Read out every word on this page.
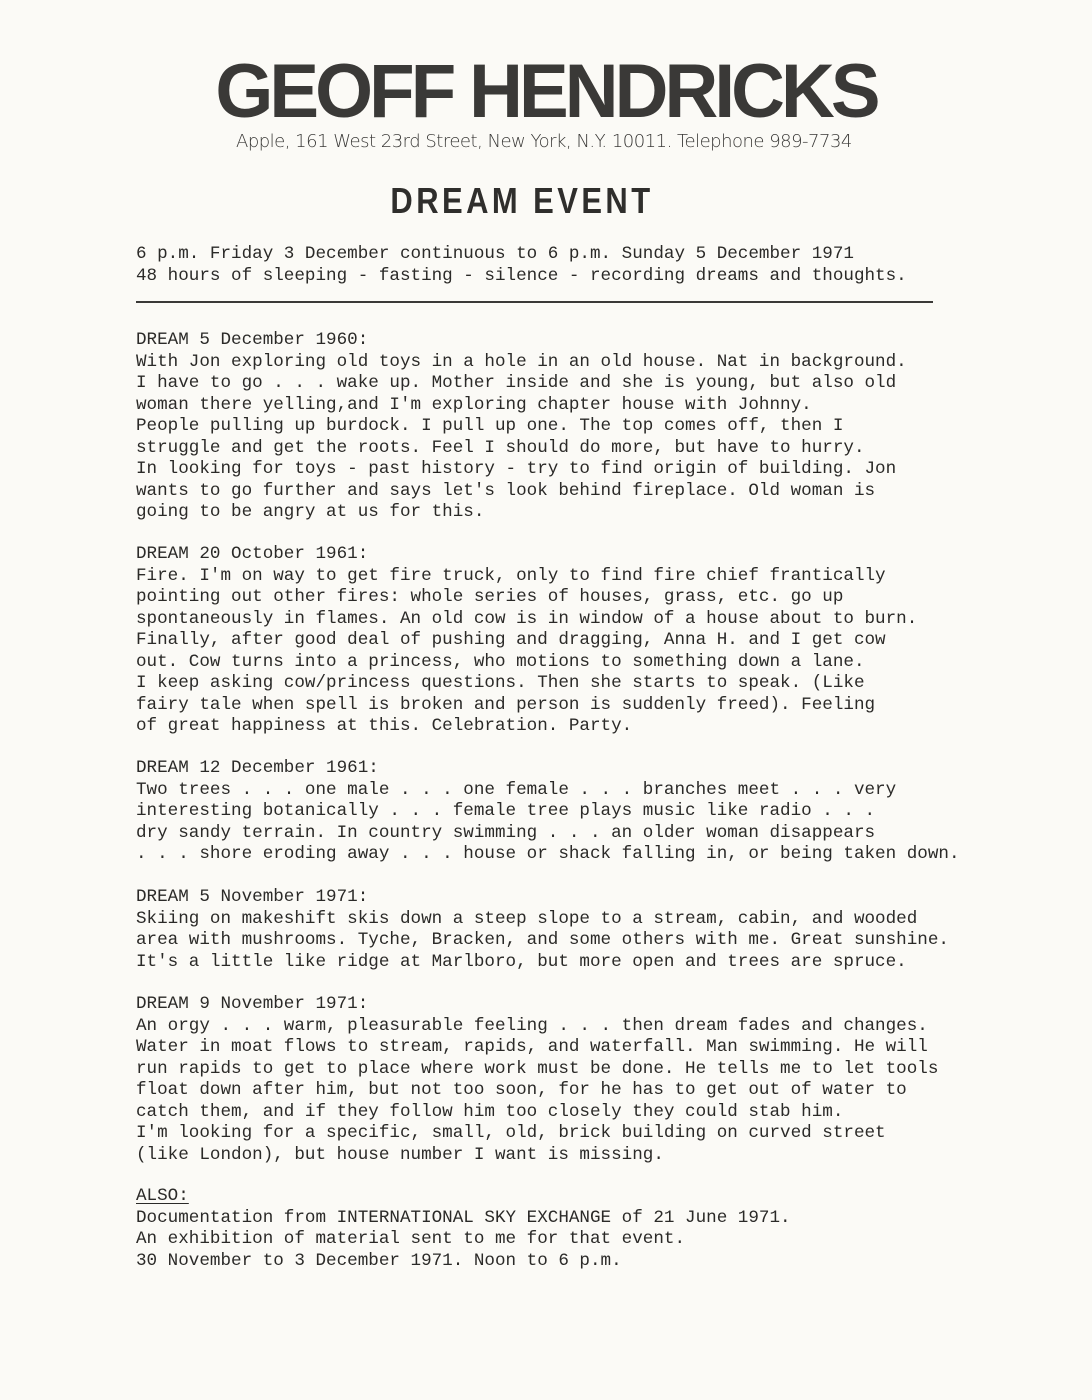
GEOFF HENDRICKS
Apple, 161 West 23rd Street, New York, N.Y. 10011. Telephone 989-7734
DREAM EVENT
6 p.m. Friday 3 December continuous to 6 p.m. Sunday 5 December 1971
48 hours of sleeping - fasting - silence - recording dreams and thoughts.
DREAM 5 December 1960:
With Jon exploring old toys in a hole in an old house. Nat in background.
I have to go . . . wake up. Mother inside and she is young, but also old
woman there yelling,and I'm exploring chapter house with Johnny.
People pulling up burdock. I pull up one. The top comes off, then I
struggle and get the roots. Feel I should do more, but have to hurry.
In looking for toys - past history - try to find origin of building. Jon
wants to go further and says let's look behind fireplace. Old woman is
going to be angry at us for this.
DREAM 20 October 1961:
Fire. I'm on way to get fire truck, only to find fire chief frantically
pointing out other fires: whole series of houses, grass, etc. go up
spontaneously in flames. An old cow is in window of a house about to burn.
Finally, after good deal of pushing and dragging, Anna H. and I get cow
out. Cow turns into a princess, who motions to something down a lane.
I keep asking cow/princess questions. Then she starts to speak. (Like
fairy tale when spell is broken and person is suddenly freed). Feeling
of great happiness at this. Celebration. Party.
DREAM 12 December 1961:
Two trees . . . one male . . . one female . . . branches meet . . . very
interesting botanically . . . female tree plays music like radio . . .
dry sandy terrain. In country swimming . . . an older woman disappears
. . . shore eroding away . . . house or shack falling in, or being taken down.
DREAM 5 November 1971:
Skiing on makeshift skis down a steep slope to a stream, cabin, and wooded
area with mushrooms. Tyche, Bracken, and some others with me. Great sunshine.
It's a little like ridge at Marlboro, but more open and trees are spruce.
DREAM 9 November 1971:
An orgy . . . warm, pleasurable feeling . . . then dream fades and changes.
Water in moat flows to stream, rapids, and waterfall. Man swimming. He will
run rapids to get to place where work must be done. He tells me to let tools
float down after him, but not too soon, for he has to get out of water to
catch them, and if they follow him too closely they could stab him.
I'm looking for a specific, small, old, brick building on curved street
(like London), but house number I want is missing.
ALSO:
Documentation from INTERNATIONAL SKY EXCHANGE of 21 June 1971.
An exhibition of material sent to me for that event.
30 November to 3 December 1971. Noon to 6 p.m.
